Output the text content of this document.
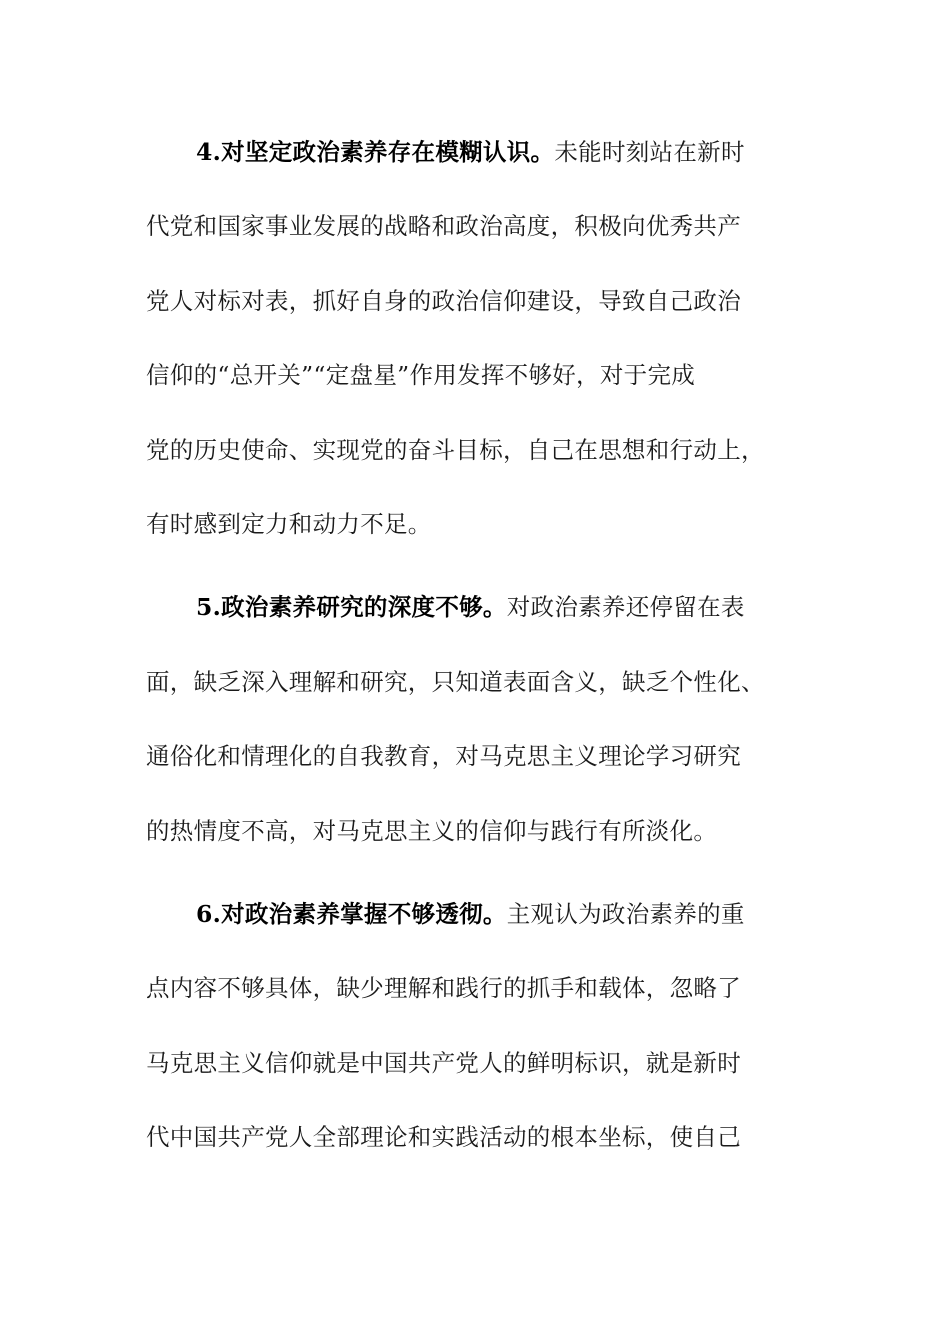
4.对坚定政治素养存在模糊认识。未能时刻站在新时
代党和国家事业发展的战略和政治高度，积极向优秀共产
党人对标对表，抓好自身的政治信仰建设，导致自己政治
信仰的“总开关”“定盘星”作用发挥不够好，对于完成
党的历史使命、实现党的奋斗目标，自己在思想和行动上，
有时感到定力和动力不足。
5.政治素养研究的深度不够。对政治素养还停留在表
面，缺乏深入理解和研究，只知道表面含义，缺乏个性化、
通俗化和情理化的自我教育，对马克思主义理论学习研究
的热情度不高，对马克思主义的信仰与践行有所淡化。
6.对政治素养掌握不够透彻。主观认为政治素养的重
点内容不够具体，缺少理解和践行的抓手和载体，忽略了
马克思主义信仰就是中国共产党人的鲜明标识，就是新时
代中国共产党人全部理论和实践活动的根本坐标，使自己
